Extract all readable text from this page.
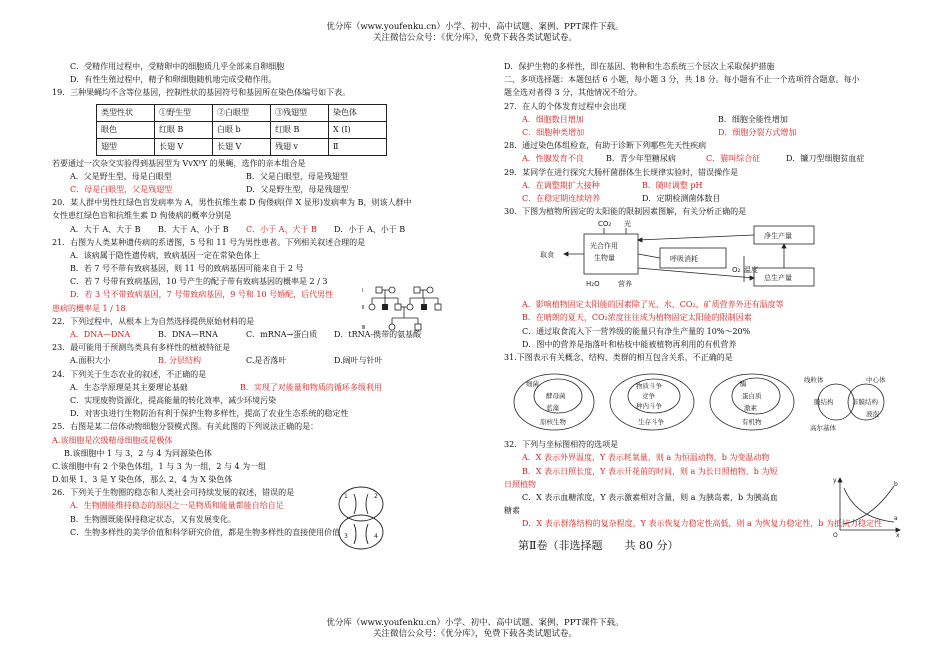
优分库（www.youfenku.cn）小学、初中、高中试题、案例、PPT课件下载。
关注微信公众号：《优分库》，免费下载各类试题试卷。
C．受精作用过程中，受精卵中的细胞质几乎全部来自卵细胞
D．有性生殖过程中，精子和卵细胞随机地完成受精作用。
19．三种果蝇均不含等位基因，控制性状的基因符号和基因所在染色体编号如下表。
类型性状	①野生型	②白眼型	③残翅型	染色体
眼色	红眼 B	白眼 b	红眼 B	X (Ⅰ)
翅型	长翅 V	长翅 V	残翅 v	Ⅱ
若要通过一次杂交实验得到基因型为 VvXᵇY 的果蝇，选作的亲本组合是
A．父是野生型，母是白眼型	B．父是白眼型，母是残翅型
C．母是白眼型，父是残翅型	D．父是野生型，母是残翅型
20．某人群中男性红绿色盲发病率为 A，男性抗维生素 D 佝偻病(伴 X 显形)发病率为 B，则该人群中
女性患红绿色盲和抗维生素 D 佝偻病的概率分别是
A．大于 A、大于 B B．大于 A、小于 B C．小于 A、大于 B D．小于 A、小于 B
21．右图为人类某种遗传病的系谱图，5 号和 11 号为男性患者。下列相关叙述合理的是
A．该病属于隐性遗传病，致病基因一定在常染色体上
B．若 7 号不带有致病基因，则 11 号的致病基因可能来自于 2 号
C．若 7 号带有致病基因，10 号产生的配子带有致病基因的概率是 2 / 3
D．若 3 号不带致病基因，7 号带致病基因，9 号和 10 号婚配，后代男性
患病的概率是 1 / 18
22．下列过程中，从根本上为自然选择提供原始材料的是
A．DNA—DNA	B．DNA—RNA	C．mRNA→蛋白质 D．tRNA-携带的氨基酸
23．最可能用于预测鸟类具有多样性的植被特征是
A.面积大小	B. 分层结构	C.是否落叶	D.阔叶与针叶
24．下列关于生态农业的叙述，不正确的是
A．生态学原理是其主要理论基础	B．实现了对能量和物质的循环多级利用
C．实现废物资源化，提高能量的转化效率，减少环境污染
D．对害虫进行生物防治有利于保护生物多样性，提高了农业生态系统的稳定性
25．右图是某二倍体动物细胞分裂模式图。有关此图的下列说法正确的是：
A.该细胞是次级精母细胞或是极体
B.该细胞中 1 与 3，2 与 4 为同源染色体
C.该细胞中有 2 个染色体组，1 与 3 为一组，2 与 4 为一组
D.如果 1、3 是 Y 染色体，那么 2、4 为 X 染色体
26．下列关于生物圈的稳态和人类社会可持续发展的叙述，错误的是
A．生物圈能维持稳态的原因之一是物质和能量都能自给自足
B．生物圈既能保持稳定状态，又有发展变化。
C．生物多样性的美学价值和科学研究价值，都是生物多样性的直接使用价值
Ⅰ
Ⅱ
Ⅲ
1	2
3	4
D．保护生物的多样性，即在基因、物种和生态系统三个层次上采取保护措施
二、多项选择题：本题包括 6 小题，每小题 3 分，共 18 分。每小题有不止一个选项符合题意。每小
题全选对者得 3 分，其他情况不给分。
27．在人的个体发育过程中会出现
A．细胞数目增加	B．细胞全能性增加
C．细胞种类增加	D．细胞分裂方式增加
28．通过染色体组检查，有助于诊断下列哪些先天性疾病
A．性腺发育不良	B．青少年型糖尿病	C．猫叫综合征	D．镰刀型细胞贫血症
29．某同学在进行探究大肠杆菌群体生长规律实验时，错误操作是
A．在调整期扩大接种	B．随时调整 pH
C．在稳定期连续培养	D．定期检测菌体数目
30．下图为植物所固定的太阳能的限制因素图解，有关分析正确的是
CO₂ 光
光合作用
生物量
取食	呼吸消耗
净生产量
O₂ 温度
总生产量
H₂O	营养
A．影响植物固定太阳能的因素除了光、水、CO₂、矿质营养外还有温度等
B．在晴朗的夏天，CO₂浓度往往成为植物固定太阳能的限制因素
C．通过取食流入下一营养级的能量只有净生产量的 10%～20%
D．图中的营养是指落叶和枯枝中能被植物再利用的有机营养
31.下图表示有关概念、结构、类群的相互包含关系，不正确的是
细菌
酵母菌
蓝藻
原核生物
物质斗争
竞争
种内斗争
生存斗争
酶
蛋白质
激素
有机物
线粒体	中心体
膜结构	非膜结构
液泡
高尔基体
32．下列与坐标图相符的选项是
A．X 表示外界温度，Y 表示耗氧量，则 a 为恒温动物，b 为变温动物
B．X 表示日照长度，Y 表示开花前的时间，则 a 为长日照植物，b 为短
日照植物
C．X 表示血糖浓度，Y 表示激素相对含量，则 a 为胰岛素，b 为胰高血
糖素
D．X 表示群落结构的复杂程度，Y 表示恢复力稳定性高低，则 a 为恢复力稳定性，b 为抵抗力稳定性
第Ⅱ卷（非选择题　　共 80 分）
y
x
O
a
b
优分库（www.youfenku.cn）小学、初中、高中试题、案例、PPT课件下载。
关注微信公众号：《优分库》，免费下载各类试题试卷。
